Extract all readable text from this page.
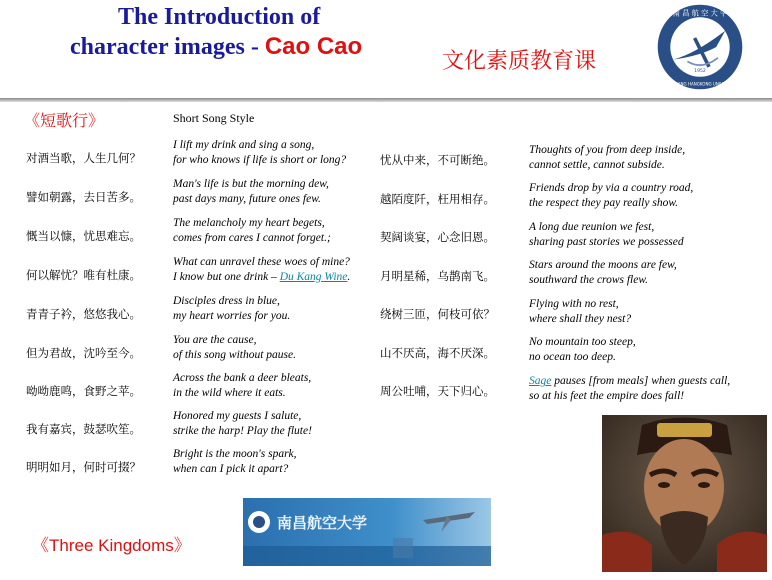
The Introduction of
character images - Cao Cao
文化素质教育课
南 昌 航 空 大 学
NANCHANG HANGKONG UNIVERSITY
1952
《短歌行》	Short Song Style
对酒当歌，人生几何？
I lift my drink and sing a song,
for who knows if life is short or long?
譬如朝露，去日苦多。
Man's life is but the morning dew,
past days many, future ones few.
慨当以慷，忧思难忘。
The melancholy my heart begets,
comes from cares I cannot forget.;
何以解忧？唯有杜康。
What can unravel these woes of mine?
I know but one drink – Du Kang Wine.
青青子衿，悠悠我心。
Disciples dress in blue,
my heart worries for you.
但为君故，沈吟至今。
You are the cause,
of this song without pause.
呦呦鹿鸣，食野之苹。
Across the bank a deer bleats,
in the wild where it eats.
我有嘉宾，鼓瑟吹笙。
Honored my guests I salute,
strike the harp! Play the flute!
明明如月，何时可掇？
Bright is the moon's spark,
when can I pick it apart?
忧从中来，不可断绝。
Thoughts of you from deep inside,
cannot settle, cannot subside.
越陌度阡，枉用相存。
Friends drop by via a country road,
the respect they pay really show.
契阔谈宴，心念旧恩。
A long due reunion we fest,
sharing past stories we possessed
月明星稀，乌鹊南飞。
Stars around the moons are few,
southward the crows flew.
绕树三匝，何枝可依？
Flying with no rest,
where shall they nest?
山不厌高，海不厌深。
No mountain too steep,
no ocean too deep.
周公吐哺，天下归心。
Sage pauses [from meals] when guests call,
so at his feet the empire does fall!
南昌航空大学
《Three Kingdoms》
